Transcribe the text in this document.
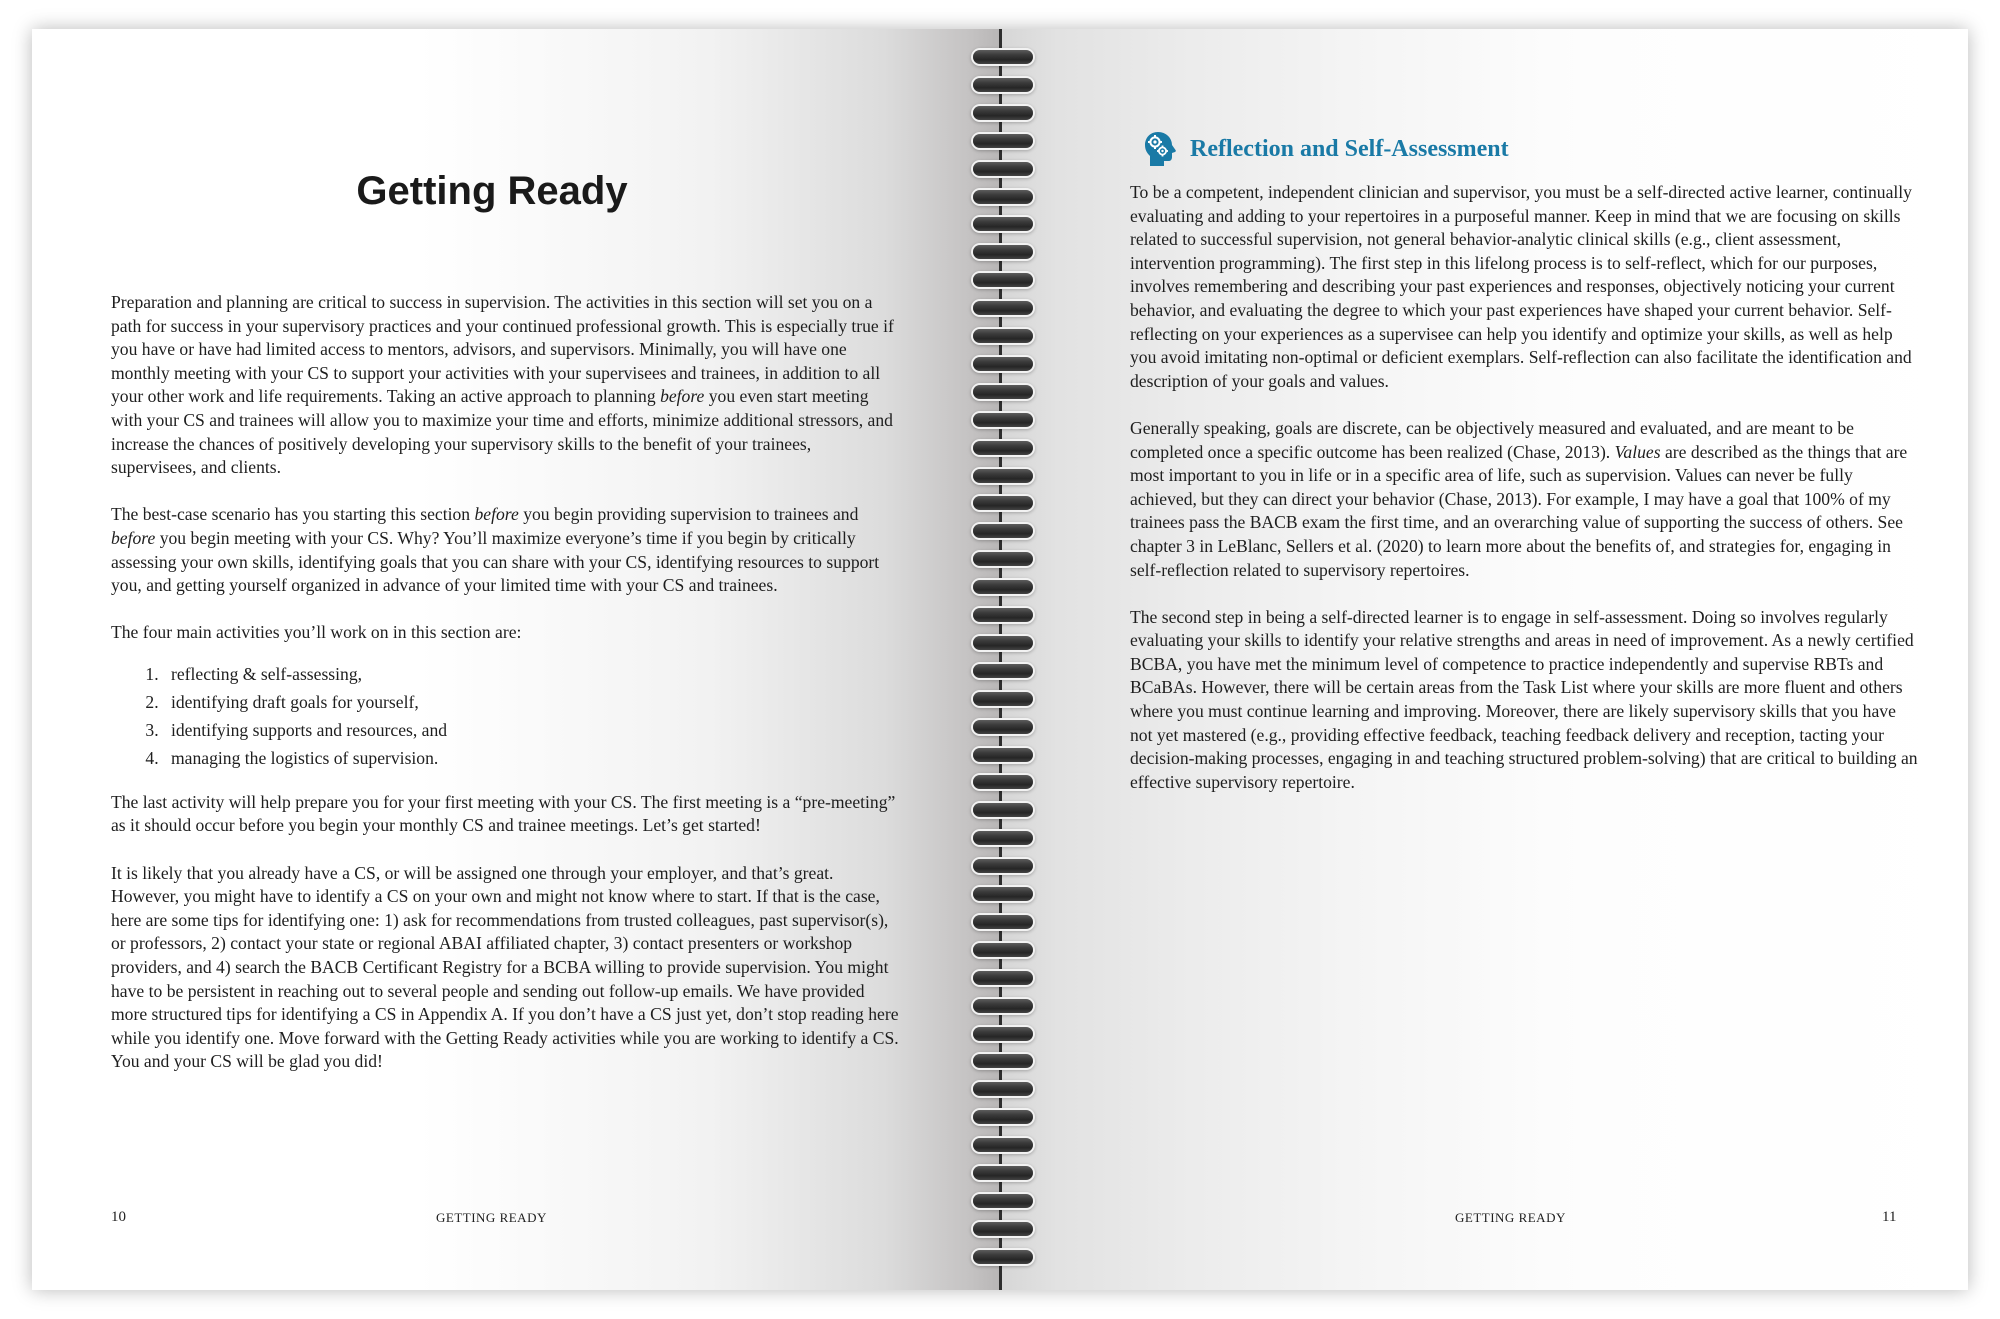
Getting Ready

Preparation and planning are critical to success in supervision. The activities in this section will set you on a path for success in your supervisory practices and your continued professional growth. This is especially true if you have or have had limited access to mentors, advisors, and supervisors. Minimally, you will have one monthly meeting with your CS to support your activities with your supervisees and trainees, in addition to all your other work and life requirements. Taking an active approach to planning before you even start meeting with your CS and trainees will allow you to maximize your time and efforts, minimize additional stressors, and increase the chances of positively developing your supervisory skills to the benefit of your trainees, supervisees, and clients.

The best-case scenario has you starting this section before you begin providing supervision to trainees and before you begin meeting with your CS. Why? You’ll maximize everyone’s time if you begin by critically assessing your own skills, identifying goals that you can share with your CS, identifying resources to support you, and getting yourself organized in advance of your limited time with your CS and trainees.

The four main activities you’ll work on in this section are:

1. reflecting & self-assessing,
2. identifying draft goals for yourself,
3. identifying supports and resources, and
4. managing the logistics of supervision.

The last activity will help prepare you for your first meeting with your CS. The first meeting is a “pre-meeting” as it should occur before you begin your monthly CS and trainee meetings. Let’s get started!

It is likely that you already have a CS, or will be assigned one through your employer, and that’s great. However, you might have to identify a CS on your own and might not know where to start. If that is the case, here are some tips for identifying one: 1) ask for recommendations from trusted colleagues, past supervisor(s), or professors, 2) contact your state or regional ABAI affiliated chapter, 3) contact presenters or workshop providers, and 4) search the BACB Certificant Registry for a BCBA willing to provide supervision. You might have to be persistent in reaching out to several people and sending out follow-up emails. We have provided more structured tips for identifying a CS in Appendix A. If you don’t have a CS just yet, don’t stop reading here while you identify one. Move forward with the Getting Ready activities while you are working to identify a CS. You and your CS will be glad you did!

10	GETTING READY
Reflection and Self-Assessment

To be a competent, independent clinician and supervisor, you must be a self-directed active learner, continually evaluating and adding to your repertoires in a purposeful manner. Keep in mind that we are focusing on skills related to successful supervision, not general behavior-analytic clinical skills (e.g., client assessment, intervention programming). The first step in this lifelong process is to self-reflect, which for our purposes, involves remembering and describing your past experiences and responses, objectively noticing your current behavior, and evaluating the degree to which your past experiences have shaped your current behavior. Self-reflecting on your experiences as a supervisee can help you identify and optimize your skills, as well as help you avoid imitating non-optimal or deficient exemplars. Self-reflection can also facilitate the identification and description of your goals and values.

Generally speaking, goals are discrete, can be objectively measured and evaluated, and are meant to be completed once a specific outcome has been realized (Chase, 2013). Values are described as the things that are most important to you in life or in a specific area of life, such as supervision. Values can never be fully achieved, but they can direct your behavior (Chase, 2013). For example, I may have a goal that 100% of my trainees pass the BACB exam the first time, and an overarching value of supporting the success of others. See chapter 3 in LeBlanc, Sellers et al. (2020) to learn more about the benefits of, and strategies for, engaging in self-reflection related to supervisory repertoires.

The second step in being a self-directed learner is to engage in self-assessment. Doing so involves regularly evaluating your skills to identify your relative strengths and areas in need of improvement. As a newly certified BCBA, you have met the minimum level of competence to practice independently and supervise RBTs and BCaBAs. However, there will be certain areas from the Task List where your skills are more fluent and others where you must continue learning and improving. Moreover, there are likely supervisory skills that you have not yet mastered (e.g., providing effective feedback, teaching feedback delivery and reception, tacting your decision-making processes, engaging in and teaching structured problem-solving) that are critical to building an effective supervisory repertoire.

GETTING READY	11
